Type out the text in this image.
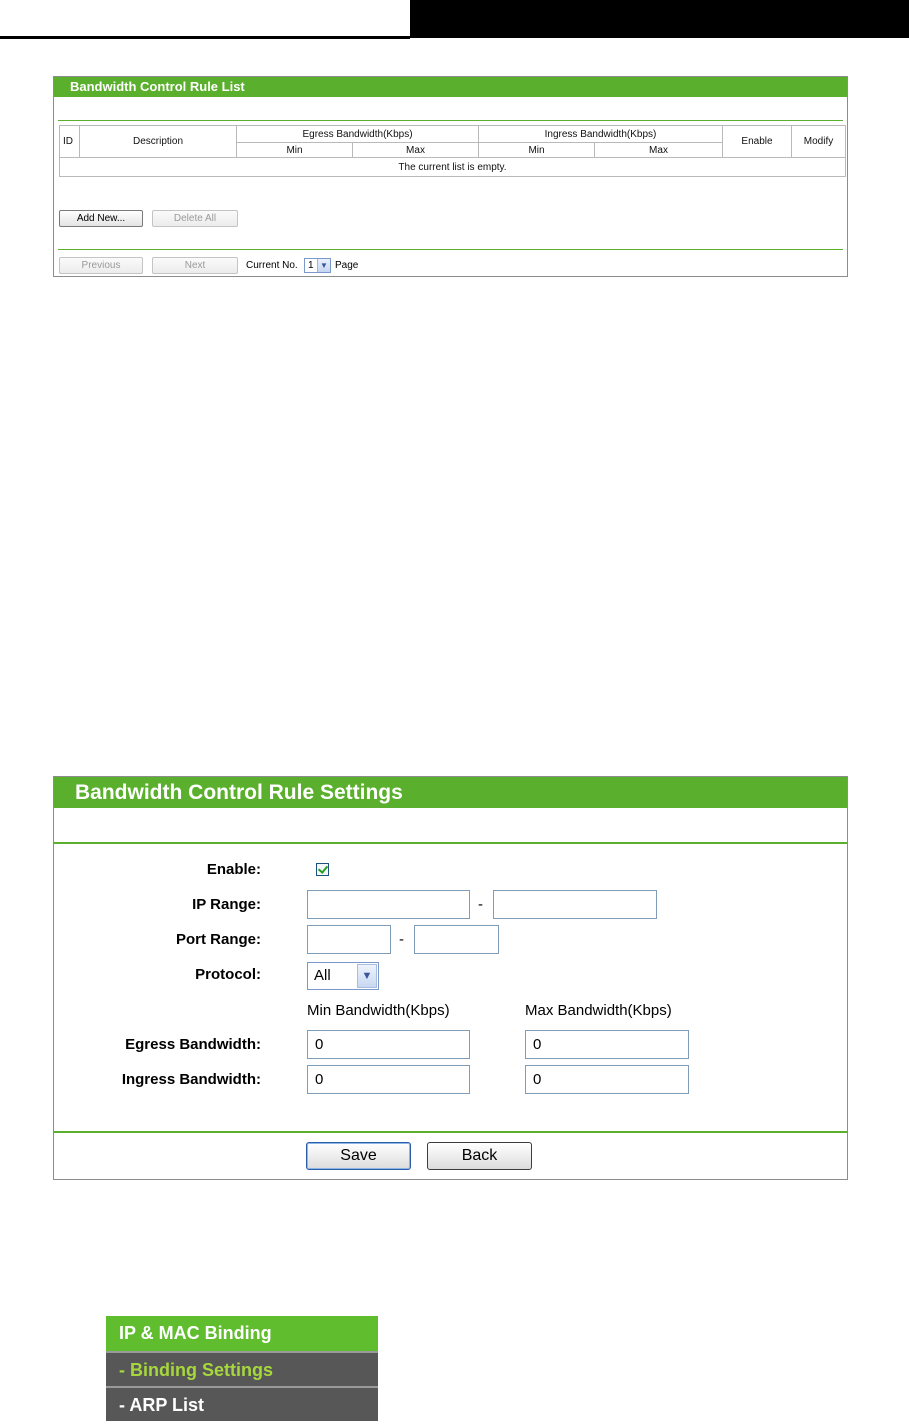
Bandwidth Control Rule List
ID	Description	Egress Bandwidth(Kbps)		Ingress Bandwidth(Kbps)		Enable	Modify
		Min	Max	Min	Max		
The current list is empty.							
Add New...	Delete All
Previous	Next	Current No. 1 ▼ Page
Bandwidth Control Rule Settings
Enable:
IP Range:	-
Port Range:	-
Protocol:	All	▼
Min Bandwidth(Kbps)	Max Bandwidth(Kbps)
Egress Bandwidth:	0	0
Ingress Bandwidth:	0	0
Save	Back
IP & MAC Binding
- Binding Settings
- ARP List
